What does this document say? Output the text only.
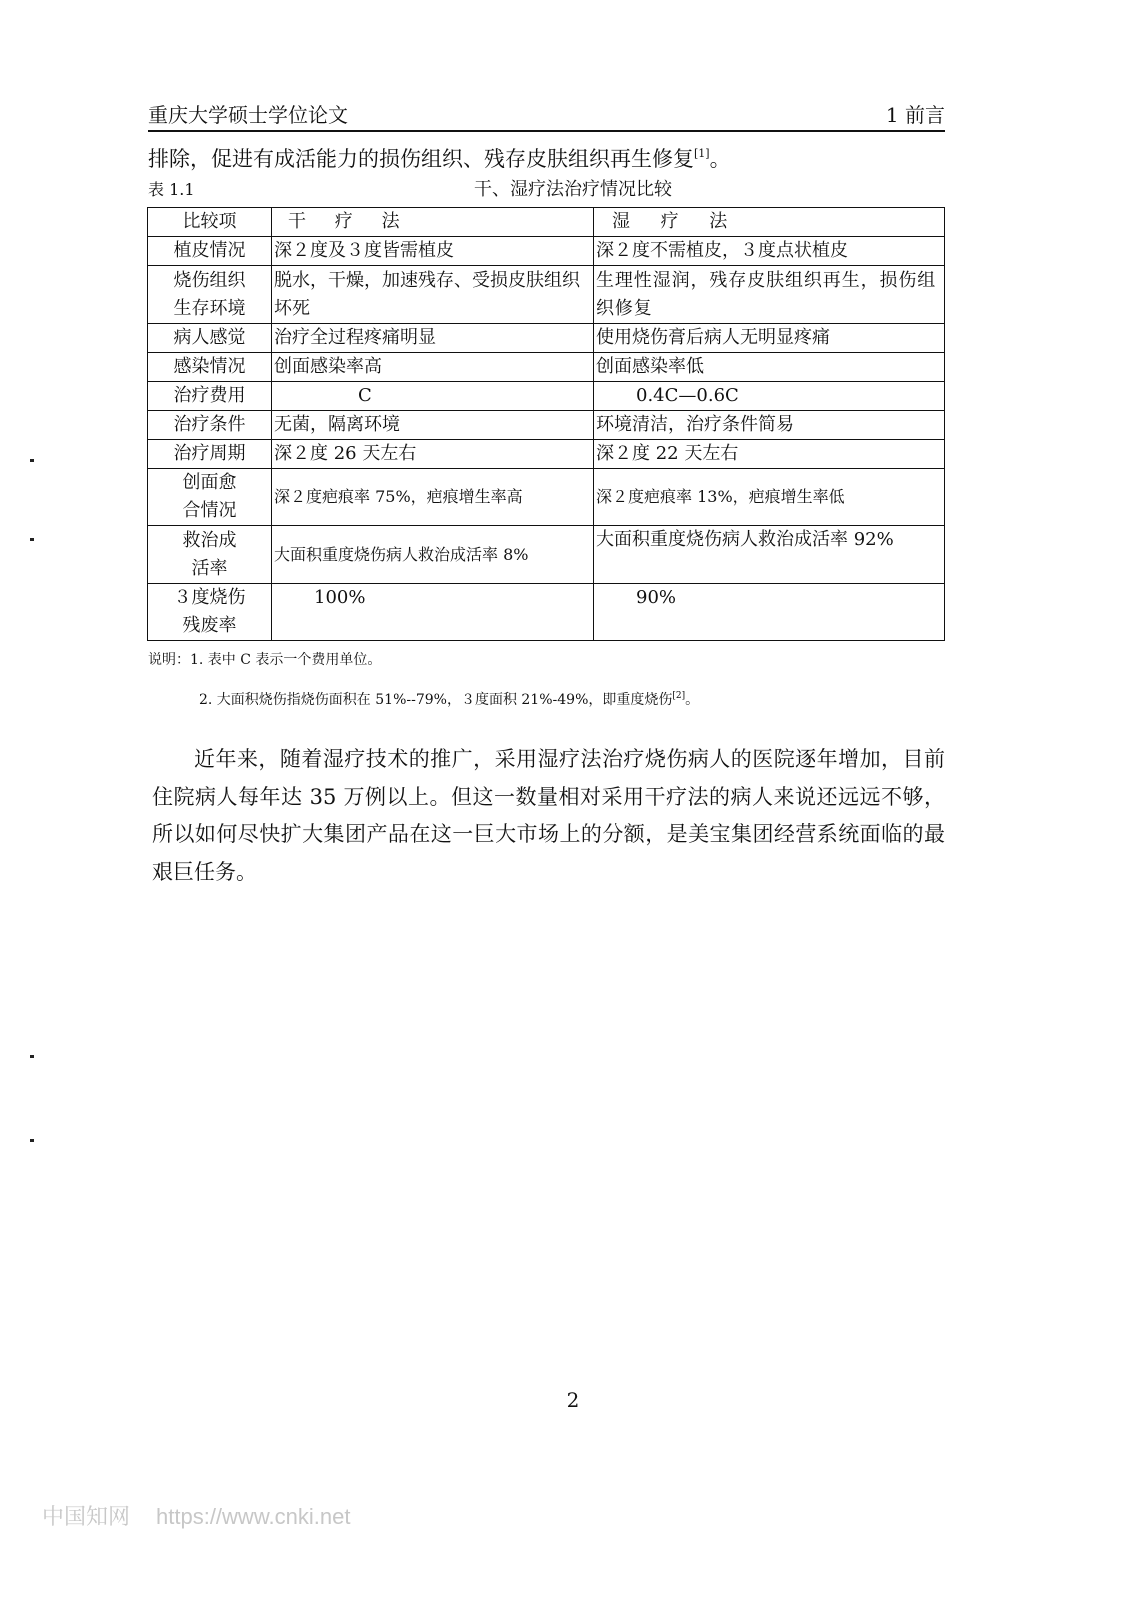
重庆大学硕士学位论文	1 前言
排除，促进有成活能力的损伤组织、残存皮肤组织再生修复[1]。
表 1.1	干、湿疗法治疗情况比较
比较项	干疗法	湿疗法
植皮情况	深２度及３度皆需植皮	深２度不需植皮，３度点状植皮

烧伤组织
生存环境	脱水，干燥，加速残存、受损皮肤组织坏死	生理性湿润，残存皮肤组织再生，损伤组织修复
病人感觉	治疗全过程疼痛明显	使用烧伤膏后病人无明显疼痛
感染情况	创面感染率高	创面感染率低
治疗费用	C	0.4C—0.6C
治疗条件	无菌，隔离环境	环境清洁，治疗条件简易
治疗周期	深２度 26 天左右	深２度 22 天左右

创面愈
合情况	深２度疤痕率 75%，疤痕增生率高	深２度疤痕率 13%，疤痕增生率低

救治成
活率	大面积重度烧伤病人救治成活率 8%	大面积重度烧伤病人救治成活率 92%

３度烧伤
残废率	100%	90%
说明：1. 表中 C 表示一个费用单位。
2. 大面积烧伤指烧伤面积在 51%--79%，３度面积 21%-49%，即重度烧伤[2]。

近年来，随着湿疗技术的推广，采用湿疗法治疗烧伤病人的医院逐年增加，目前住院病人每年达 35 万例以上。但这一数量相对采用干疗法的病人来说还远远不够，所以如何尽快扩大集团产品在这一巨大市场上的分额，是美宝集团经营系统面临的最艰巨任务。

2
中国知网 https://www.cnki.net
